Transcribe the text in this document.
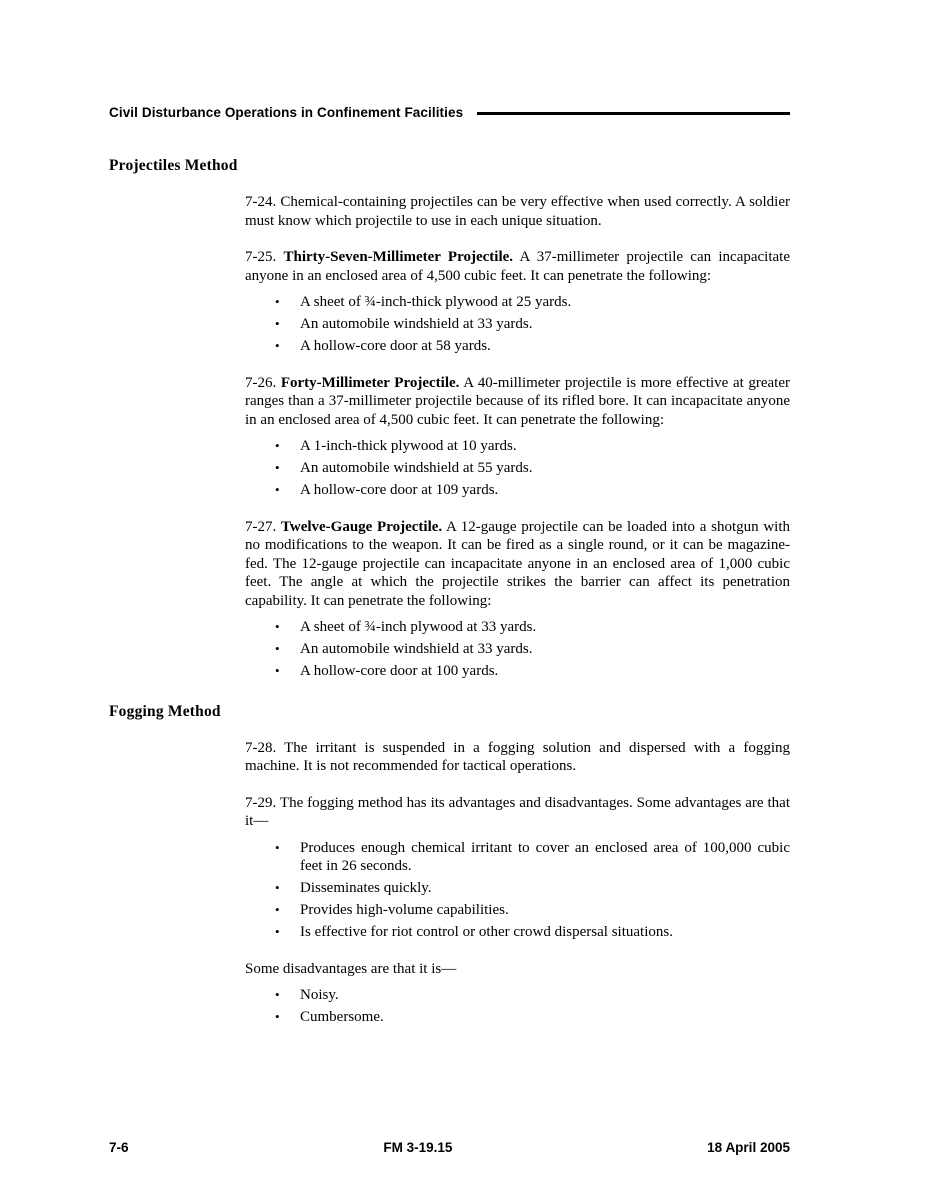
Civil Disturbance Operations in Confinement Facilities
Projectiles Method

7-24. Chemical-containing projectiles can be very effective when used correctly. A soldier must know which projectile to use in each unique situation.

7-25. Thirty-Seven-Millimeter Projectile. A 37-millimeter projectile can incapacitate anyone in an enclosed area of 4,500 cubic feet. It can penetrate the following:

•	A sheet of ¾-inch-thick plywood at 25 yards.
•	An automobile windshield at 33 yards.
•	A hollow-core door at 58 yards.

7-26. Forty-Millimeter Projectile. A 40-millimeter projectile is more effective at greater ranges than a 37-millimeter projectile because of its rifled bore. It can incapacitate anyone in an enclosed area of 4,500 cubic feet. It can penetrate the following:

•	A 1-inch-thick plywood at 10 yards.
•	An automobile windshield at 55 yards.
•	A hollow-core door at 109 yards.

7-27. Twelve-Gauge Projectile. A 12-gauge projectile can be loaded into a shotgun with no modifications to the weapon. It can be fired as a single round, or it can be magazine-fed. The 12-gauge projectile can incapacitate anyone in an enclosed area of 1,000 cubic feet. The angle at which the projectile strikes the barrier can affect its penetration capability. It can penetrate the following:

•	A sheet of ¾-inch plywood at 33 yards.
•	An automobile windshield at 33 yards.
•	A hollow-core door at 100 yards.
Fogging Method

7-28. The irritant is suspended in a fogging solution and dispersed with a fogging machine. It is not recommended for tactical operations.

7-29. The fogging method has its advantages and disadvantages. Some advantages are that it—

•	Produces enough chemical irritant to cover an enclosed area of 100,000 cubic feet in 26 seconds.
•	Disseminates quickly.
•	Provides high-volume capabilities.
•	Is effective for riot control or other crowd dispersal situations.

Some disadvantages are that it is—

•	Noisy.
•	Cumbersome.
7-6	FM 3-19.15	18 April 2005
